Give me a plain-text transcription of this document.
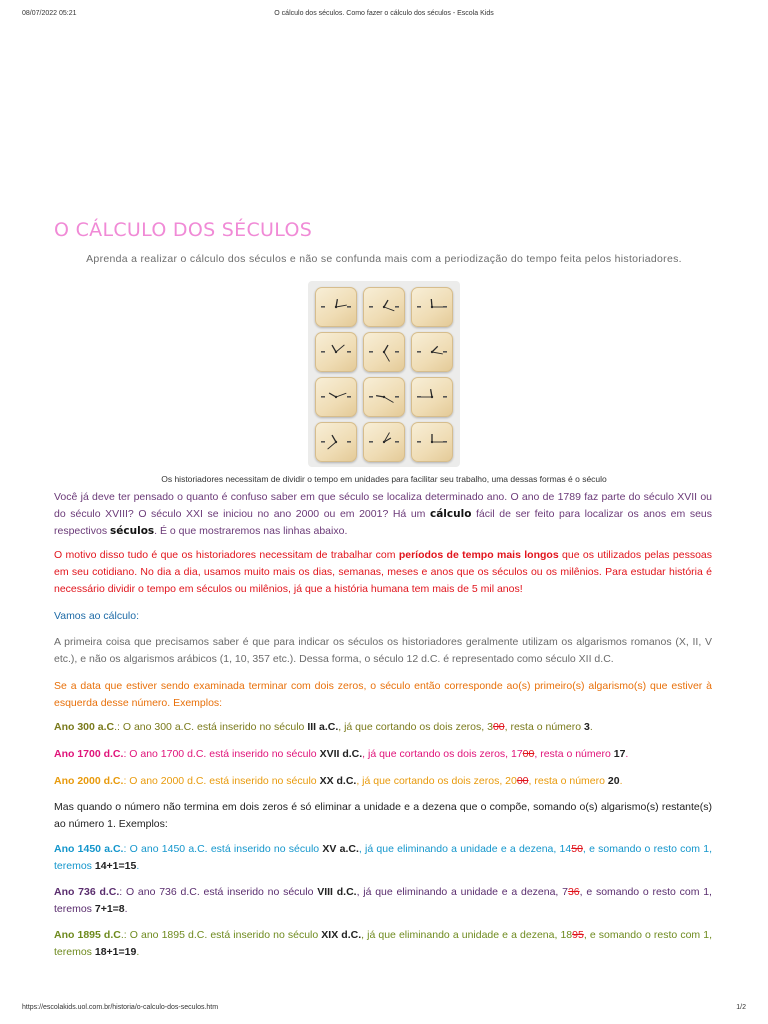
08/07/2022 05:21	O cálculo dos séculos. Como fazer o cálculo dos séculos - Escola Kids
O CÁLCULO DOS SÉCULOS
Aprenda a realizar o cálculo dos séculos e não se confunda mais com a periodização do tempo feita pelos historiadores.
Os historiadores necessitam de dividir o tempo em unidades para facilitar seu trabalho, uma dessas formas é o século
Você já deve ter pensado o quanto é confuso saber em que século se localiza determinado ano. O ano de 1789 faz parte do século XVII ou do século XVIII? O século XXI se iniciou no ano 2000 ou em 2001? Há um cálculo fácil de ser feito para localizar os anos em seus respectivos séculos. É o que mostraremos nas linhas abaixo.
O motivo disso tudo é que os historiadores necessitam de trabalhar com períodos de tempo mais longos que os utilizados pelas pessoas em seu cotidiano. No dia a dia, usamos muito mais os dias, semanas, meses e anos que os séculos ou os milênios. Para estudar história é necessário dividir o tempo em séculos ou milênios, já que a história humana tem mais de 5 mil anos!
Vamos ao cálculo:
A primeira coisa que precisamos saber é que para indicar os séculos os historiadores geralmente utilizam os algarismos romanos (X, II, V etc.), e não os algarismos arábicos (1, 10, 357 etc.). Dessa forma, o século 12 d.C. é representado como século XII d.C.
Se a data que estiver sendo examinada terminar com dois zeros, o século então corresponde ao(s) primeiro(s) algarismo(s) que estiver à esquerda desse número. Exemplos:
Ano 300 a.C.: O ano 300 a.C. está inserido no século III a.C., já que cortando os dois zeros, 300, resta o número 3.
Ano 1700 d.C.: O ano 1700 d.C. está inserido no século XVII d.C., já que cortando os dois zeros, 1700, resta o número 17.
Ano 2000 d.C.: O ano 2000 d.C. está inserido no século XX d.C., já que cortando os dois zeros, 2000, resta o número 20.
Mas quando o número não termina em dois zeros é só eliminar a unidade e a dezena que o compõe, somando o(s) algarismo(s) restante(s) ao número 1. Exemplos:
Ano 1450 a.C.: O ano 1450 a.C. está inserido no século XV a.C., já que eliminando a unidade e a dezena, 1450, e somando o resto com 1, teremos 14+1=15.
Ano 736 d.C.: O ano 736 d.C. está inserido no século VIII d.C., já que eliminando a unidade e a dezena, 736, e somando o resto com 1, teremos 7+1=8.
Ano 1895 d.C.: O ano 1895 d.C. está inserido no século XIX d.C., já que eliminando a unidade e a dezena, 1895, e somando o resto com 1, teremos 18+1=19.
https://escolakids.uol.com.br/historia/o-calculo-dos-seculos.htm	1/2
